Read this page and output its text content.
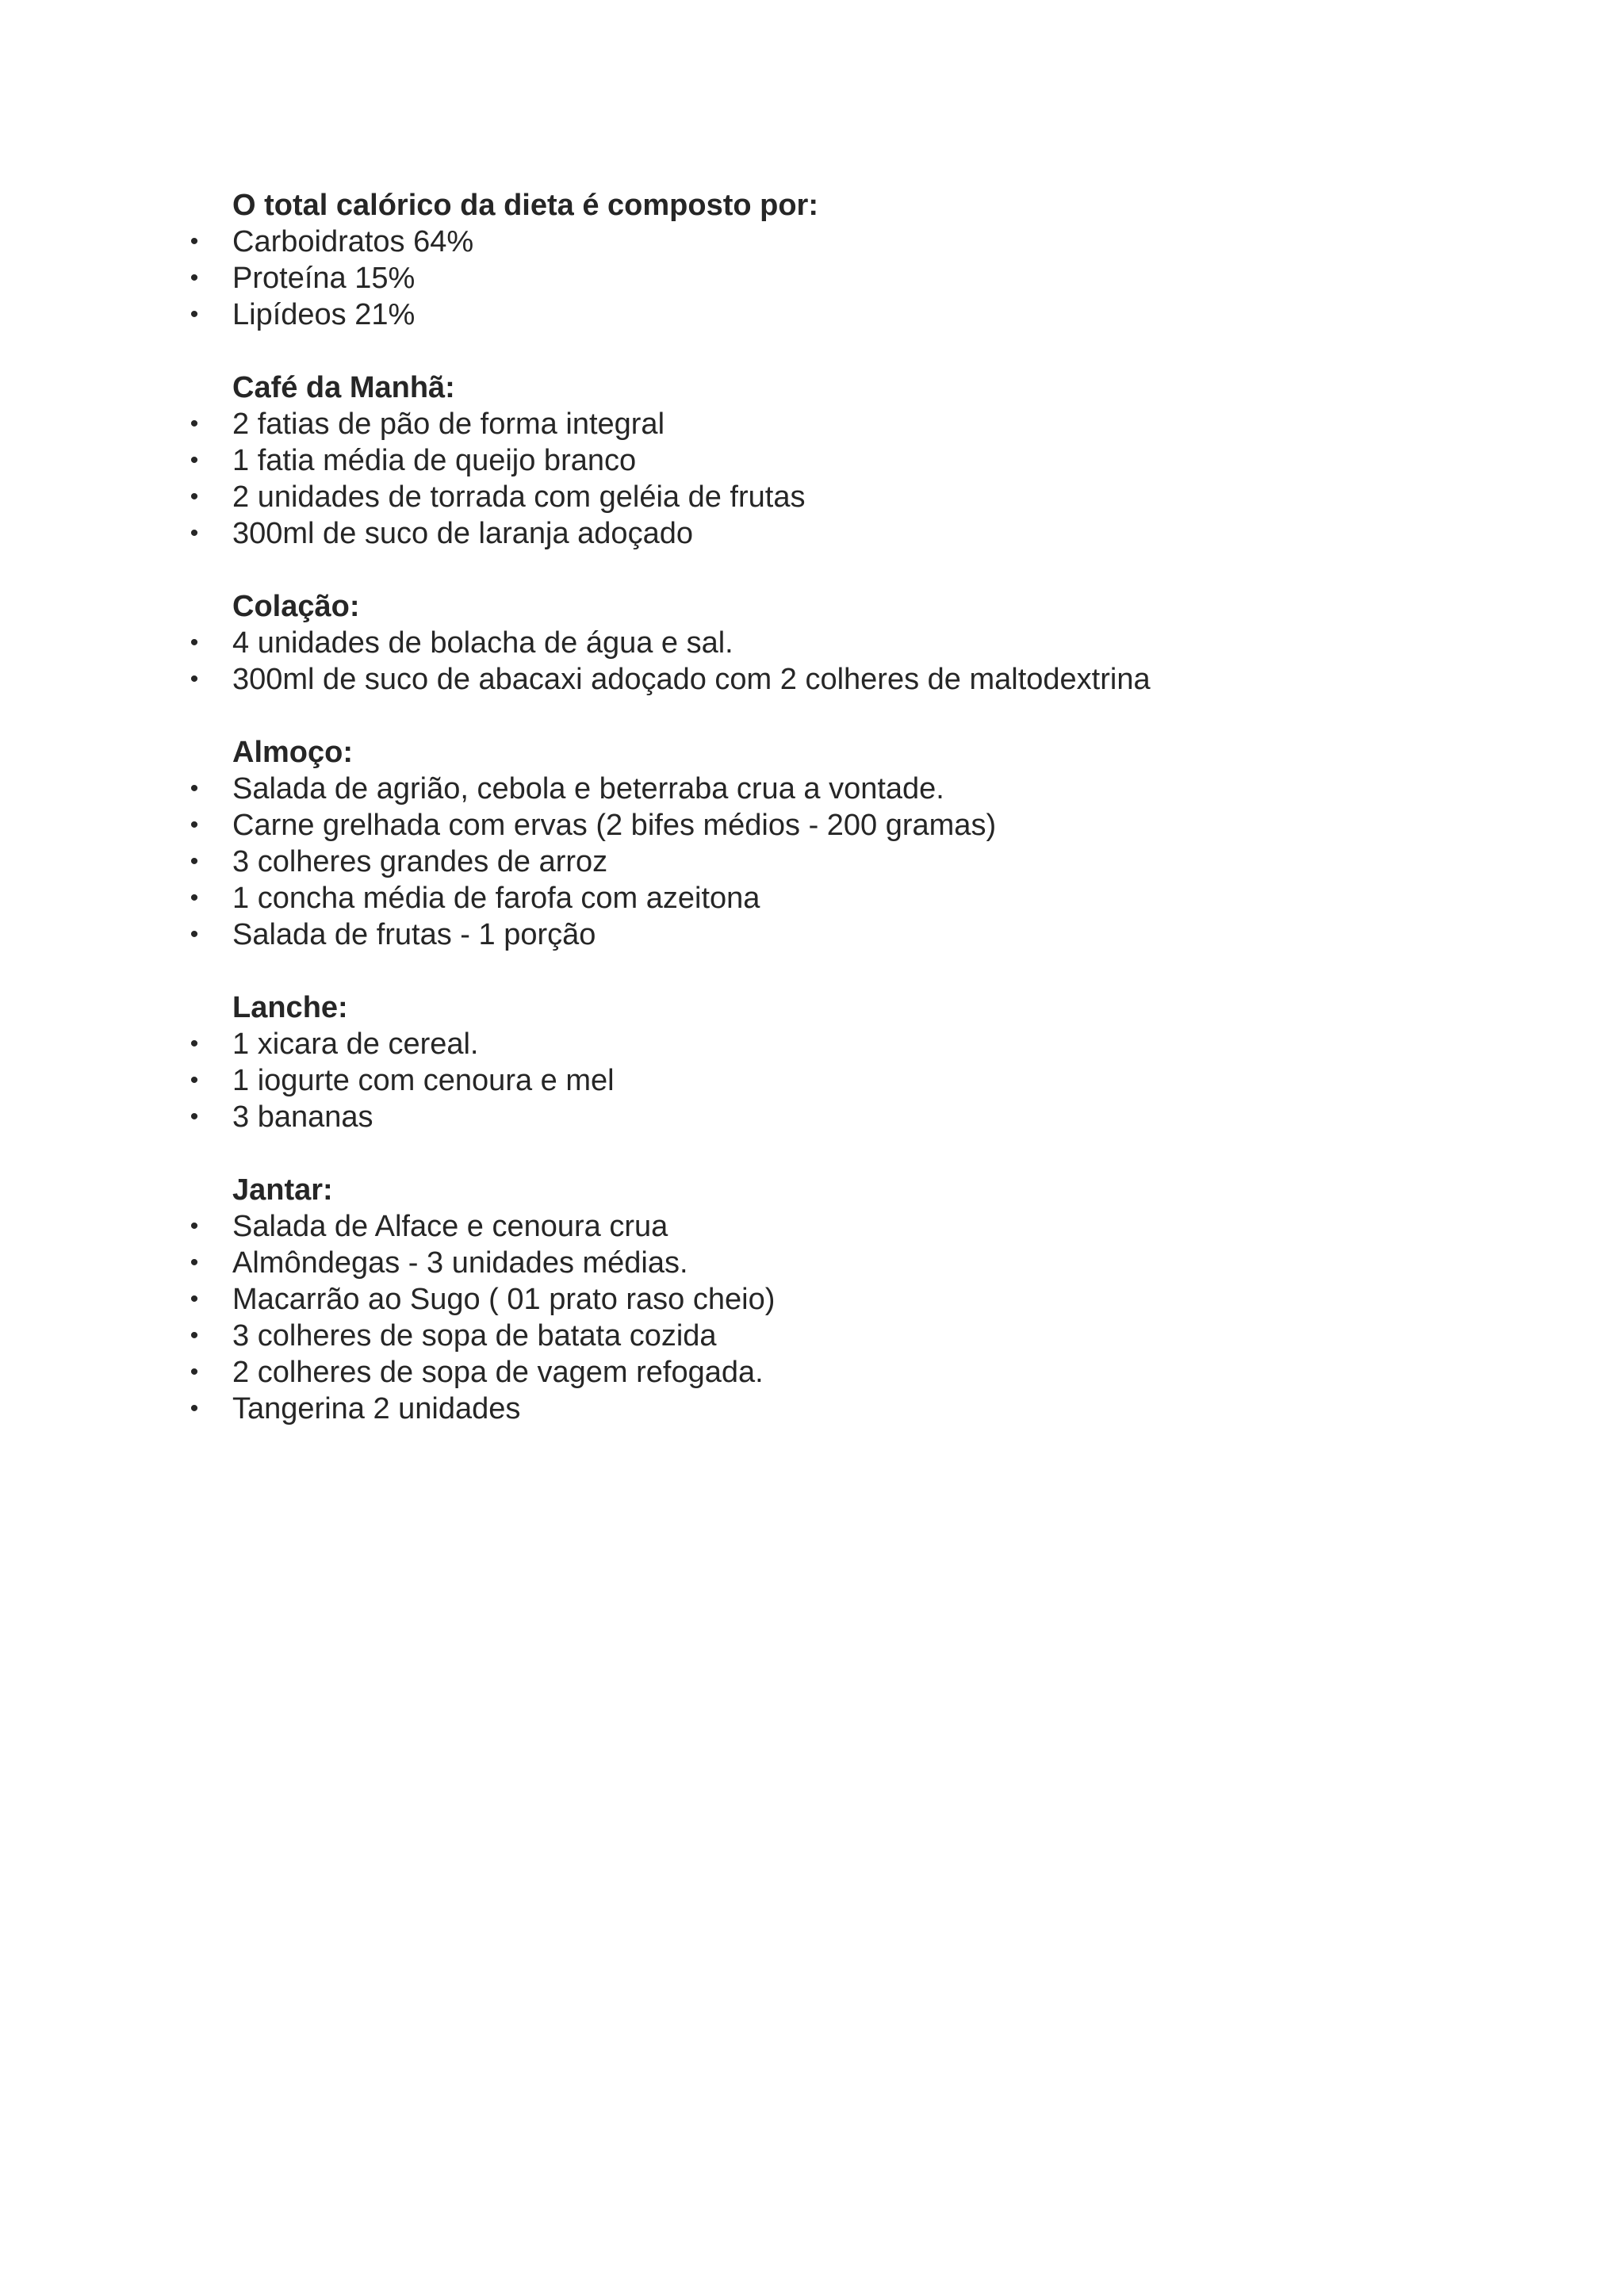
O total calórico da dieta é composto por:

• Carboidratos 64%
• Proteína 15%
• Lipídeos 21%

Café da Manhã:

• 2 fatias de pão de forma integral
• 1 fatia média de queijo branco
• 2 unidades de torrada com geléia de frutas
• 300ml de suco de laranja adoçado

Colação:

• 4 unidades de bolacha de água e sal.
• 300ml de suco de abacaxi adoçado com 2 colheres de maltodextrina

Almoço:

• Salada de agrião, cebola e beterraba crua a vontade.
• Carne grelhada com ervas (2 bifes médios - 200 gramas)
• 3 colheres grandes de arroz
• 1 concha média de farofa com azeitona
• Salada de frutas - 1 porção

Lanche:

• 1 xicara de cereal.
• 1 iogurte com cenoura e mel
• 3 bananas

Jantar:

• Salada de Alface e cenoura crua
• Almôndegas - 3 unidades médias.
• Macarrão ao Sugo ( 01 prato raso cheio)
• 3 colheres de sopa de batata cozida
• 2 colheres de sopa de vagem refogada.
• Tangerina 2 unidades
